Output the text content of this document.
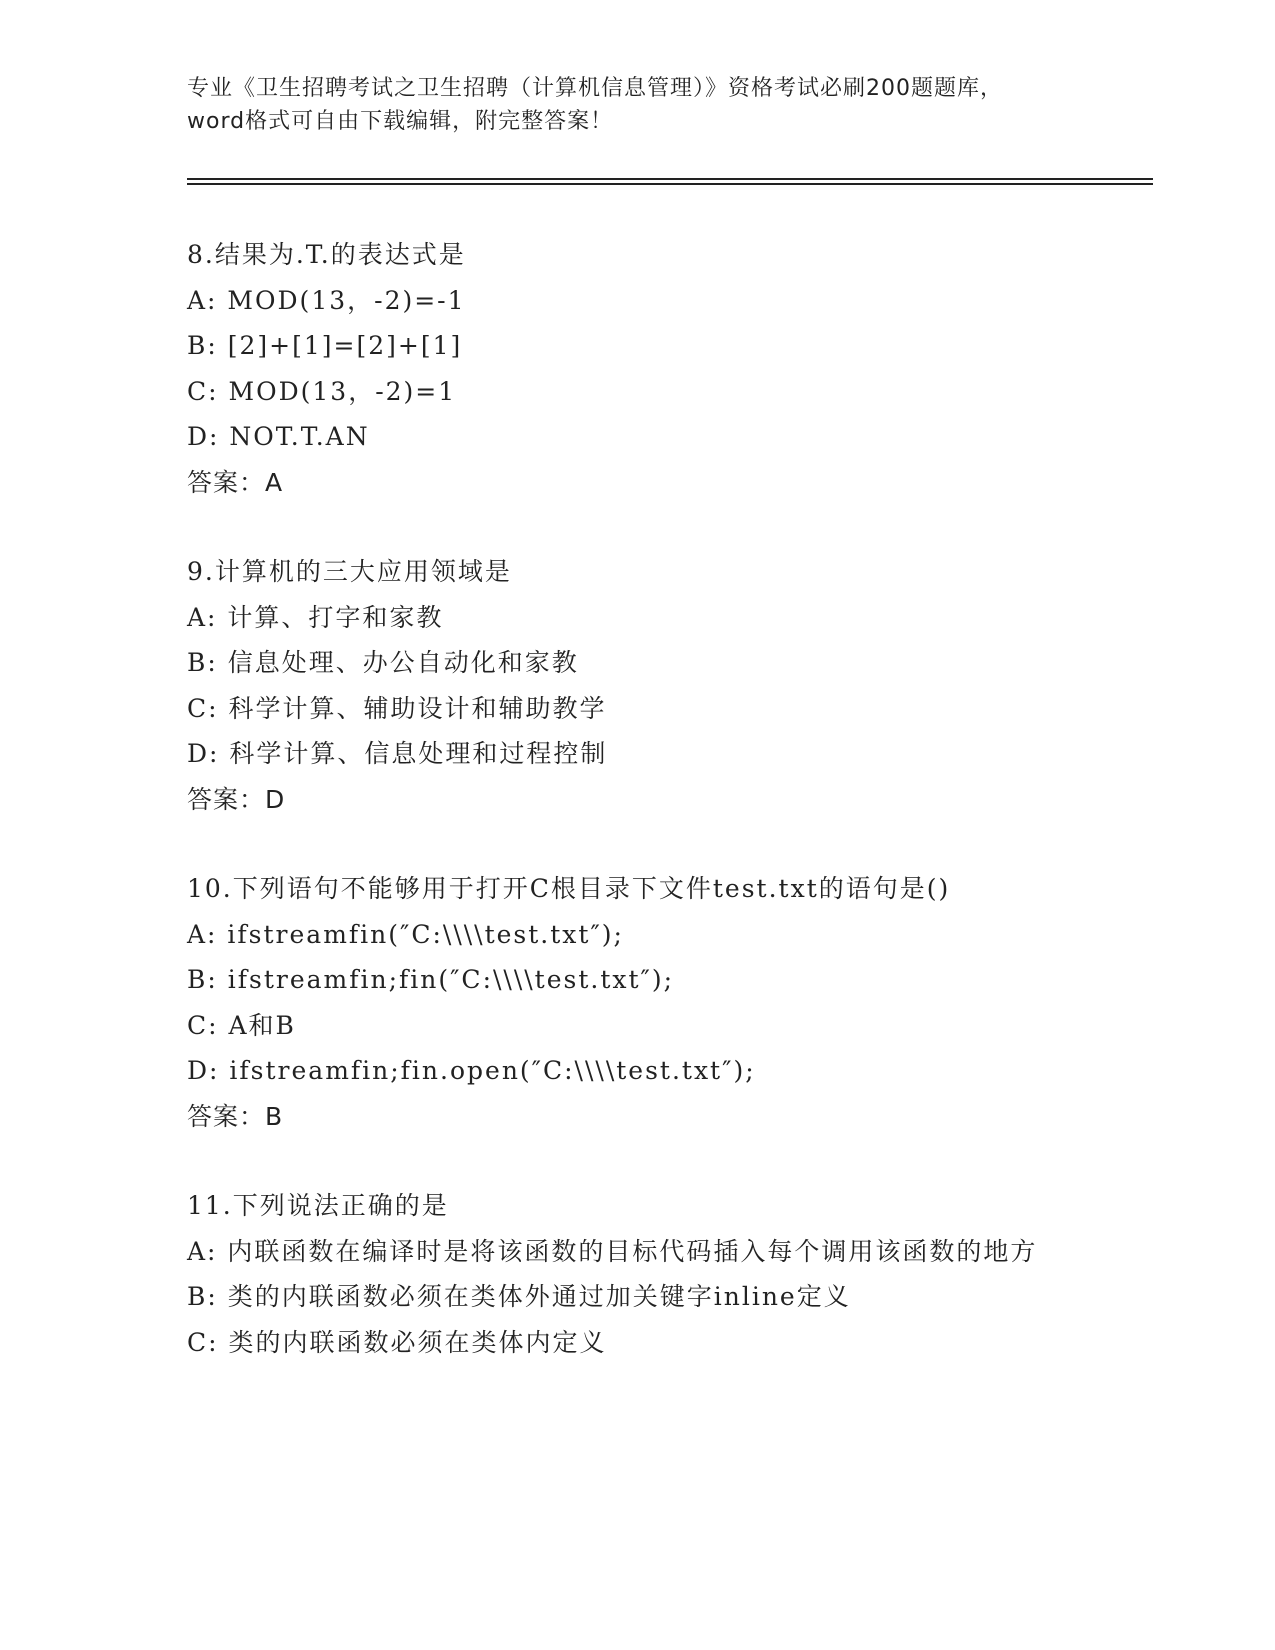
专业《卫生招聘考试之卫生招聘（计算机信息管理）》资格考试必刷200题题库，
word格式可自由下载编辑，附完整答案！
8.结果为.T.的表达式是
A: MOD(13，-2)=-1
B: [2]+[1]=[2]+[1]
C: MOD(13，-2)=1
D: NOT.T.AN
答案：A
9.计算机的三大应用领域是
A: 计算、打字和家教
B: 信息处理、办公自动化和家教
C: 科学计算、辅助设计和辅助教学
D: 科学计算、信息处理和过程控制
答案：D
10.下列语句不能够用于打开C根目录下文件test.txt的语句是()
A: ifstreamfin(″C:\\\\test.txt″);
B: ifstreamfin;fin(″C:\\\\test.txt″);
C: A和B
D: ifstreamfin;fin.open(″C:\\\\test.txt″);
答案：B
11.下列说法正确的是
A: 内联函数在编译时是将该函数的目标代码插入每个调用该函数的地方
B: 类的内联函数必须在类体外通过加关键字inline定义
C: 类的内联函数必须在类体内定义
